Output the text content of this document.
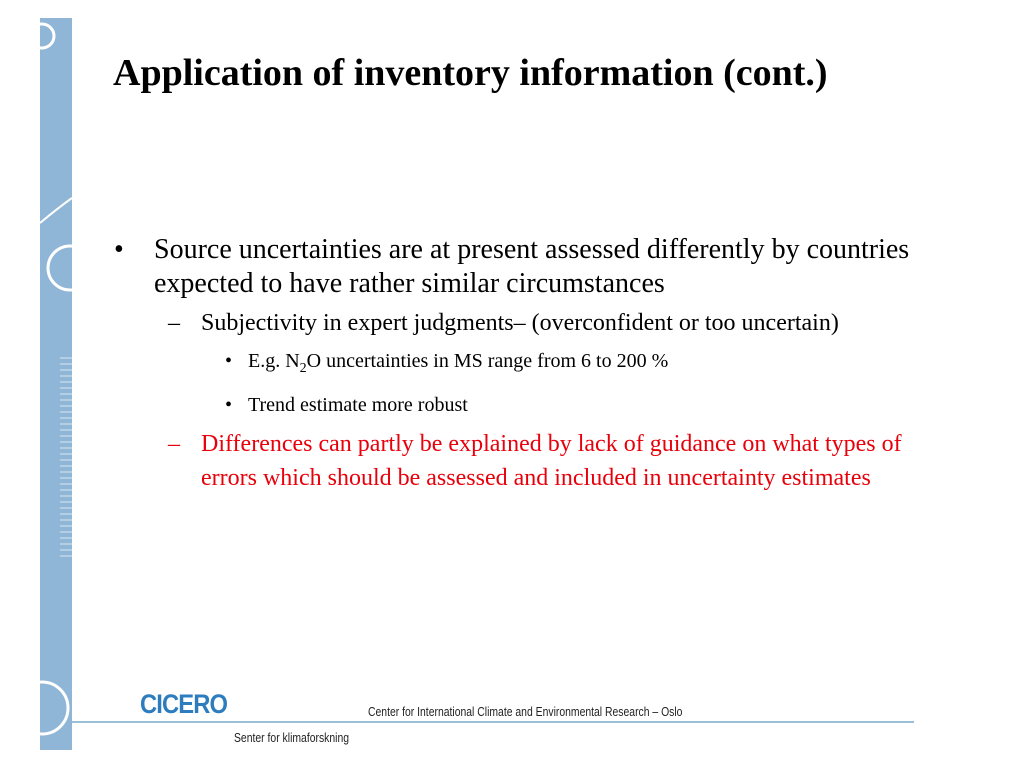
Application of inventory information (cont.)
• Source uncertainties are at present assessed differently by countries expected to have rather similar circumstances
– Subjectivity in expert judgments– (overconfident or too uncertain)
• E.g. $N_2O$ uncertainties in MS range from 6 to 200 %
• Trend estimate more robust
– Differences can partly be explained by lack of guidance on what types of errors which should be assessed and included in uncertainty estimates
CICERO	Center for International Climate and Environmental Research – Oslo
Senter for klimaforskning
